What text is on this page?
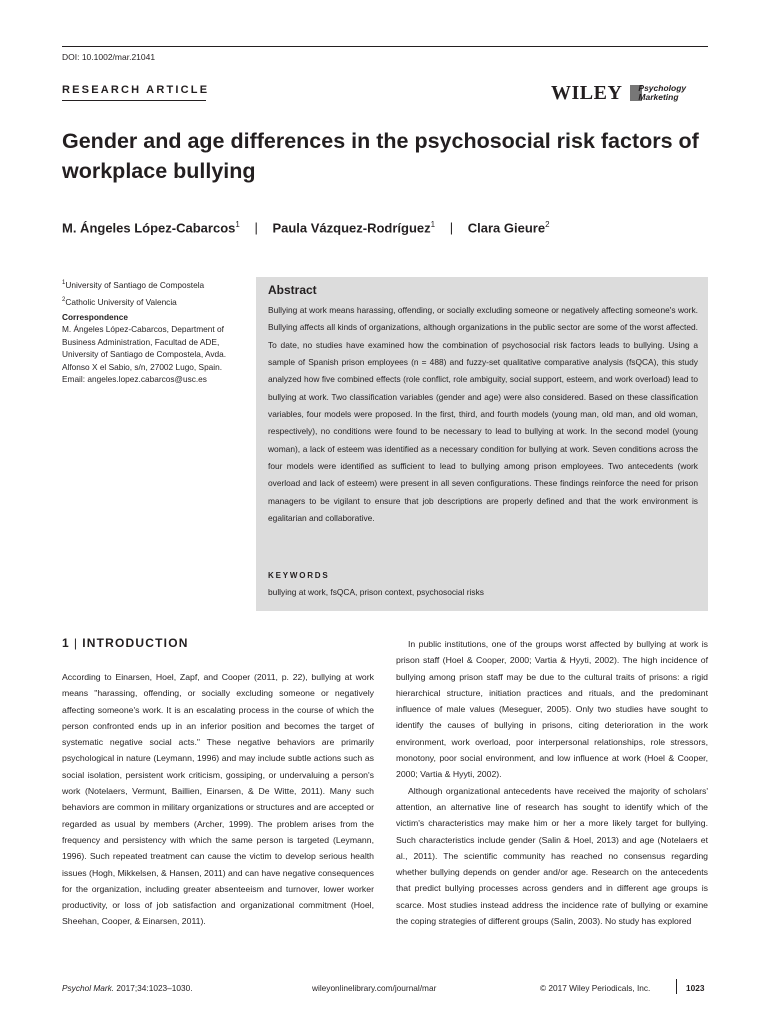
DOI: 10.1002/mar.21041
RESEARCH ARTICLE	WILEY Psychology
Marketing
Gender and age differences in the psychosocial risk factors of workplace bullying
M. Ángeles López-Cabarcos$^1$ | Paula Vázquez-Rodríguez$^1$ | Clara Gieure$^2$
$^1$University of Santiago de Compostela
$^2$Catholic University of Valencia
Correspondence
M. Ángeles López-Cabarcos, Department of Business Administration, Facultad de ADE, University of Santiago de Compostela, Avda. Alfonso X el Sabio, s/n, 27002 Lugo, Spain. Email: angeles.lopez.cabarcos@usc.es
Abstract
Bullying at work means harassing, offending, or socially excluding someone or negatively affecting someone's work. Bullying affects all kinds of organizations, although organizations in the public sector are some of the worst affected. To date, no studies have examined how the combination of psychosocial risk factors leads to bullying. Using a sample of Spanish prison employees (n = 488) and fuzzy-set qualitative comparative analysis (fsQCA), this study analyzed how five combined effects (role conflict, role ambiguity, social support, esteem, and work overload) lead to bullying at work. Two classification variables (gender and age) were also considered. Based on these classification variables, four models were proposed. In the first, third, and fourth models (young man, old man, and old woman, respectively), no conditions were found to be necessary to lead to bullying at work. In the second model (young woman), a lack of esteem was identified as a necessary condition for bullying at work. Seven conditions across the four models were identified as sufficient to lead to bullying among prison employees. Two antecedents (work overload and lack of esteem) were present in all seven configurations. These findings reinforce the need for prison managers to be vigilant to ensure that job descriptions are properly defined and that the work environment is egalitarian and collaborative.
KEYWORDS
bullying at work, fsQCA, prison context, psychosocial risks
1 | INTRODUCTION

According to Einarsen, Hoel, Zapf, and Cooper (2011, p. 22), bullying at work means "harassing, offending, or socially excluding someone or negatively affecting someone's work. It is an escalating process in the course of which the person confronted ends up in an inferior position and becomes the target of systematic negative social acts." These negative behaviors are primarily psychological in nature (Leymann, 1996) and may include subtle actions such as social isolation, persistent work criticism, gossiping, or undervaluing a person's work (Notelaers, Vermunt, Baillien, Einarsen, & De Witte, 2011). Many such behaviors are common in military organizations or structures and are accepted or regarded as usual by members (Archer, 1999). The problem arises from the frequency and persistency with which the same person is targeted (Leymann, 1996). Such repeated treatment can cause the victim to develop serious health issues (Hogh, Mikkelsen, & Hansen, 2011) and can have negative consequences for the organization, including greater absenteeism and turnover, lower worker productivity, or loss of job satisfaction and organizational commitment (Hoel, Sheehan, Cooper, & Einarsen, 2011).

In public institutions, one of the groups worst affected by bullying at work is prison staff (Hoel & Cooper, 2000; Vartia & Hyyti, 2002). The high incidence of bullying among prison staff may be due to the cultural traits of prisons: a rigid hierarchical structure, initiation practices and rituals, and the predominant influence of male values (Meseguer, 2005). Only two studies have sought to identify the causes of bullying in prisons, citing deterioration in the work environment, work overload, poor interpersonal relationships, role stressors, monotony, poor social environment, and low influence at work (Hoel & Cooper, 2000; Vartia & Hyyti, 2002).

Although organizational antecedents have received the majority of scholars' attention, an alternative line of research has sought to identify which of the victim's characteristics may make him or her a more likely target for bullying. Such characteristics include gender (Salin & Hoel, 2013) and age (Notelaers et al., 2011). The scientific community has reached no consensus regarding whether bullying depends on gender and/or age. Research on the antecedents that predict bullying processes across genders and in different age groups is scarce. Most studies instead address the incidence rate of bullying or examine the coping strategies of different groups (Salin, 2003). No study has explored

Psychol Mark. 2017;34:1023–1030.	wileyonlinelibrary.com/journal/mar	© 2017 Wiley Periodicals, Inc.	1023
